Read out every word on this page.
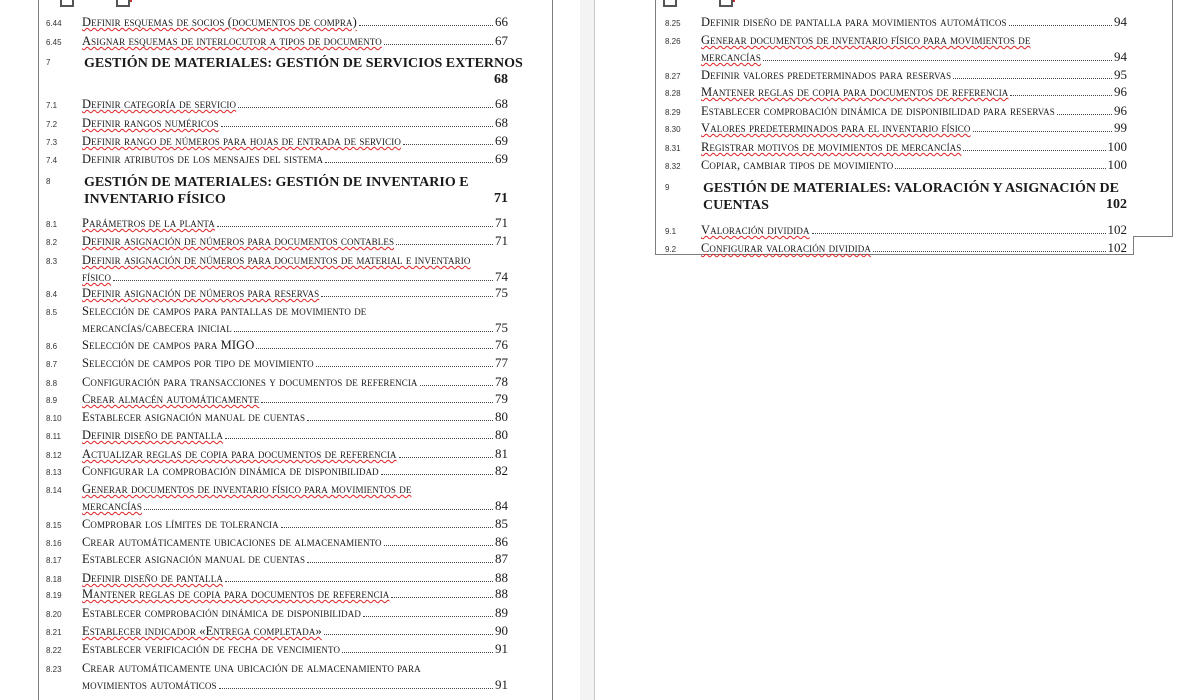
6.44	Definir esquemas de socios (documentos de compra)	66
6.45	Asignar esquemas de interlocutor a tipos de documento	67
7	GESTIÓN DE MATERIALES: GESTIÓN DE SERVICIOS EXTERNOS
68
7.1	Definir categoría de servicio	68
7.2	Definir rangos numéricos	68
7.3	Definir rango de números para hojas de entrada de servicio	69
7.4	Definir atributos de los mensajes del sistema	69
8	GESTIÓN DE MATERIALES: GESTIÓN DE INVENTARIO E
INVENTARIO FÍSICO	71
8.1	Parámetros de la planta	71
8.2	Definir asignación de números para documentos contables	71
8.3	Definir asignación de números para documentos de material e inventario
físico	74
8.4	Definir asignación de números para reservas	75
8.5	Selección de campos para pantallas de movimiento de
mercancías/cabecera inicial	75
8.6	Selección de campos para MIGO	76
8.7	Selección de campos por tipo de movimiento	77
8.8	Configuración para transacciones y documentos de referencia	78
8.9	Crear almacén automáticamente	79
8.10	Establecer asignación manual de cuentas	80
8.11	Definir diseño de pantalla	80
8.12	Actualizar reglas de copia para documentos de referencia	81
8.13	Configurar la comprobación dinámica de disponibilidad	82
8.14	Generar documentos de inventario físico para movimientos de
mercancías	84
8.15	Comprobar los límites de tolerancia	85
8.16	Crear automáticamente ubicaciones de almacenamiento	86
8.17	Establecer asignación manual de cuentas	87
8.18	Definir diseño de pantalla	88
8.19	Mantener reglas de copia para documentos de referencia	88
8.20	Establecer comprobación dinámica de disponibilidad	89
8.21	Establecer indicador «Entrega completada»	90
8.22	Establecer verificación de fecha de vencimiento	91
8.23	Crear automáticamente una ubicación de almacenamiento para
movimientos automáticos	91
8.25	Definir diseño de pantalla para movimientos automáticos	94
8.26	Generar documentos de inventario físico para movimientos de
mercancías	94
8.27	Definir valores predeterminados para reservas	95
8.28	Mantener reglas de copia para documentos de referencia	96
8.29	Establecer comprobación dinámica de disponibilidad para reservas	96
8.30	Valores predeterminados para el inventario físico	99
8.31	Registrar motivos de movimientos de mercancías	100
8.32	Copiar, cambiar tipos de movimiento	100
9	GESTIÓN DE MATERIALES: VALORACIÓN Y ASIGNACIÓN DE
CUENTAS	102
9.1	Valoración dividida	102
9.2	Configurar valoración dividida	102
